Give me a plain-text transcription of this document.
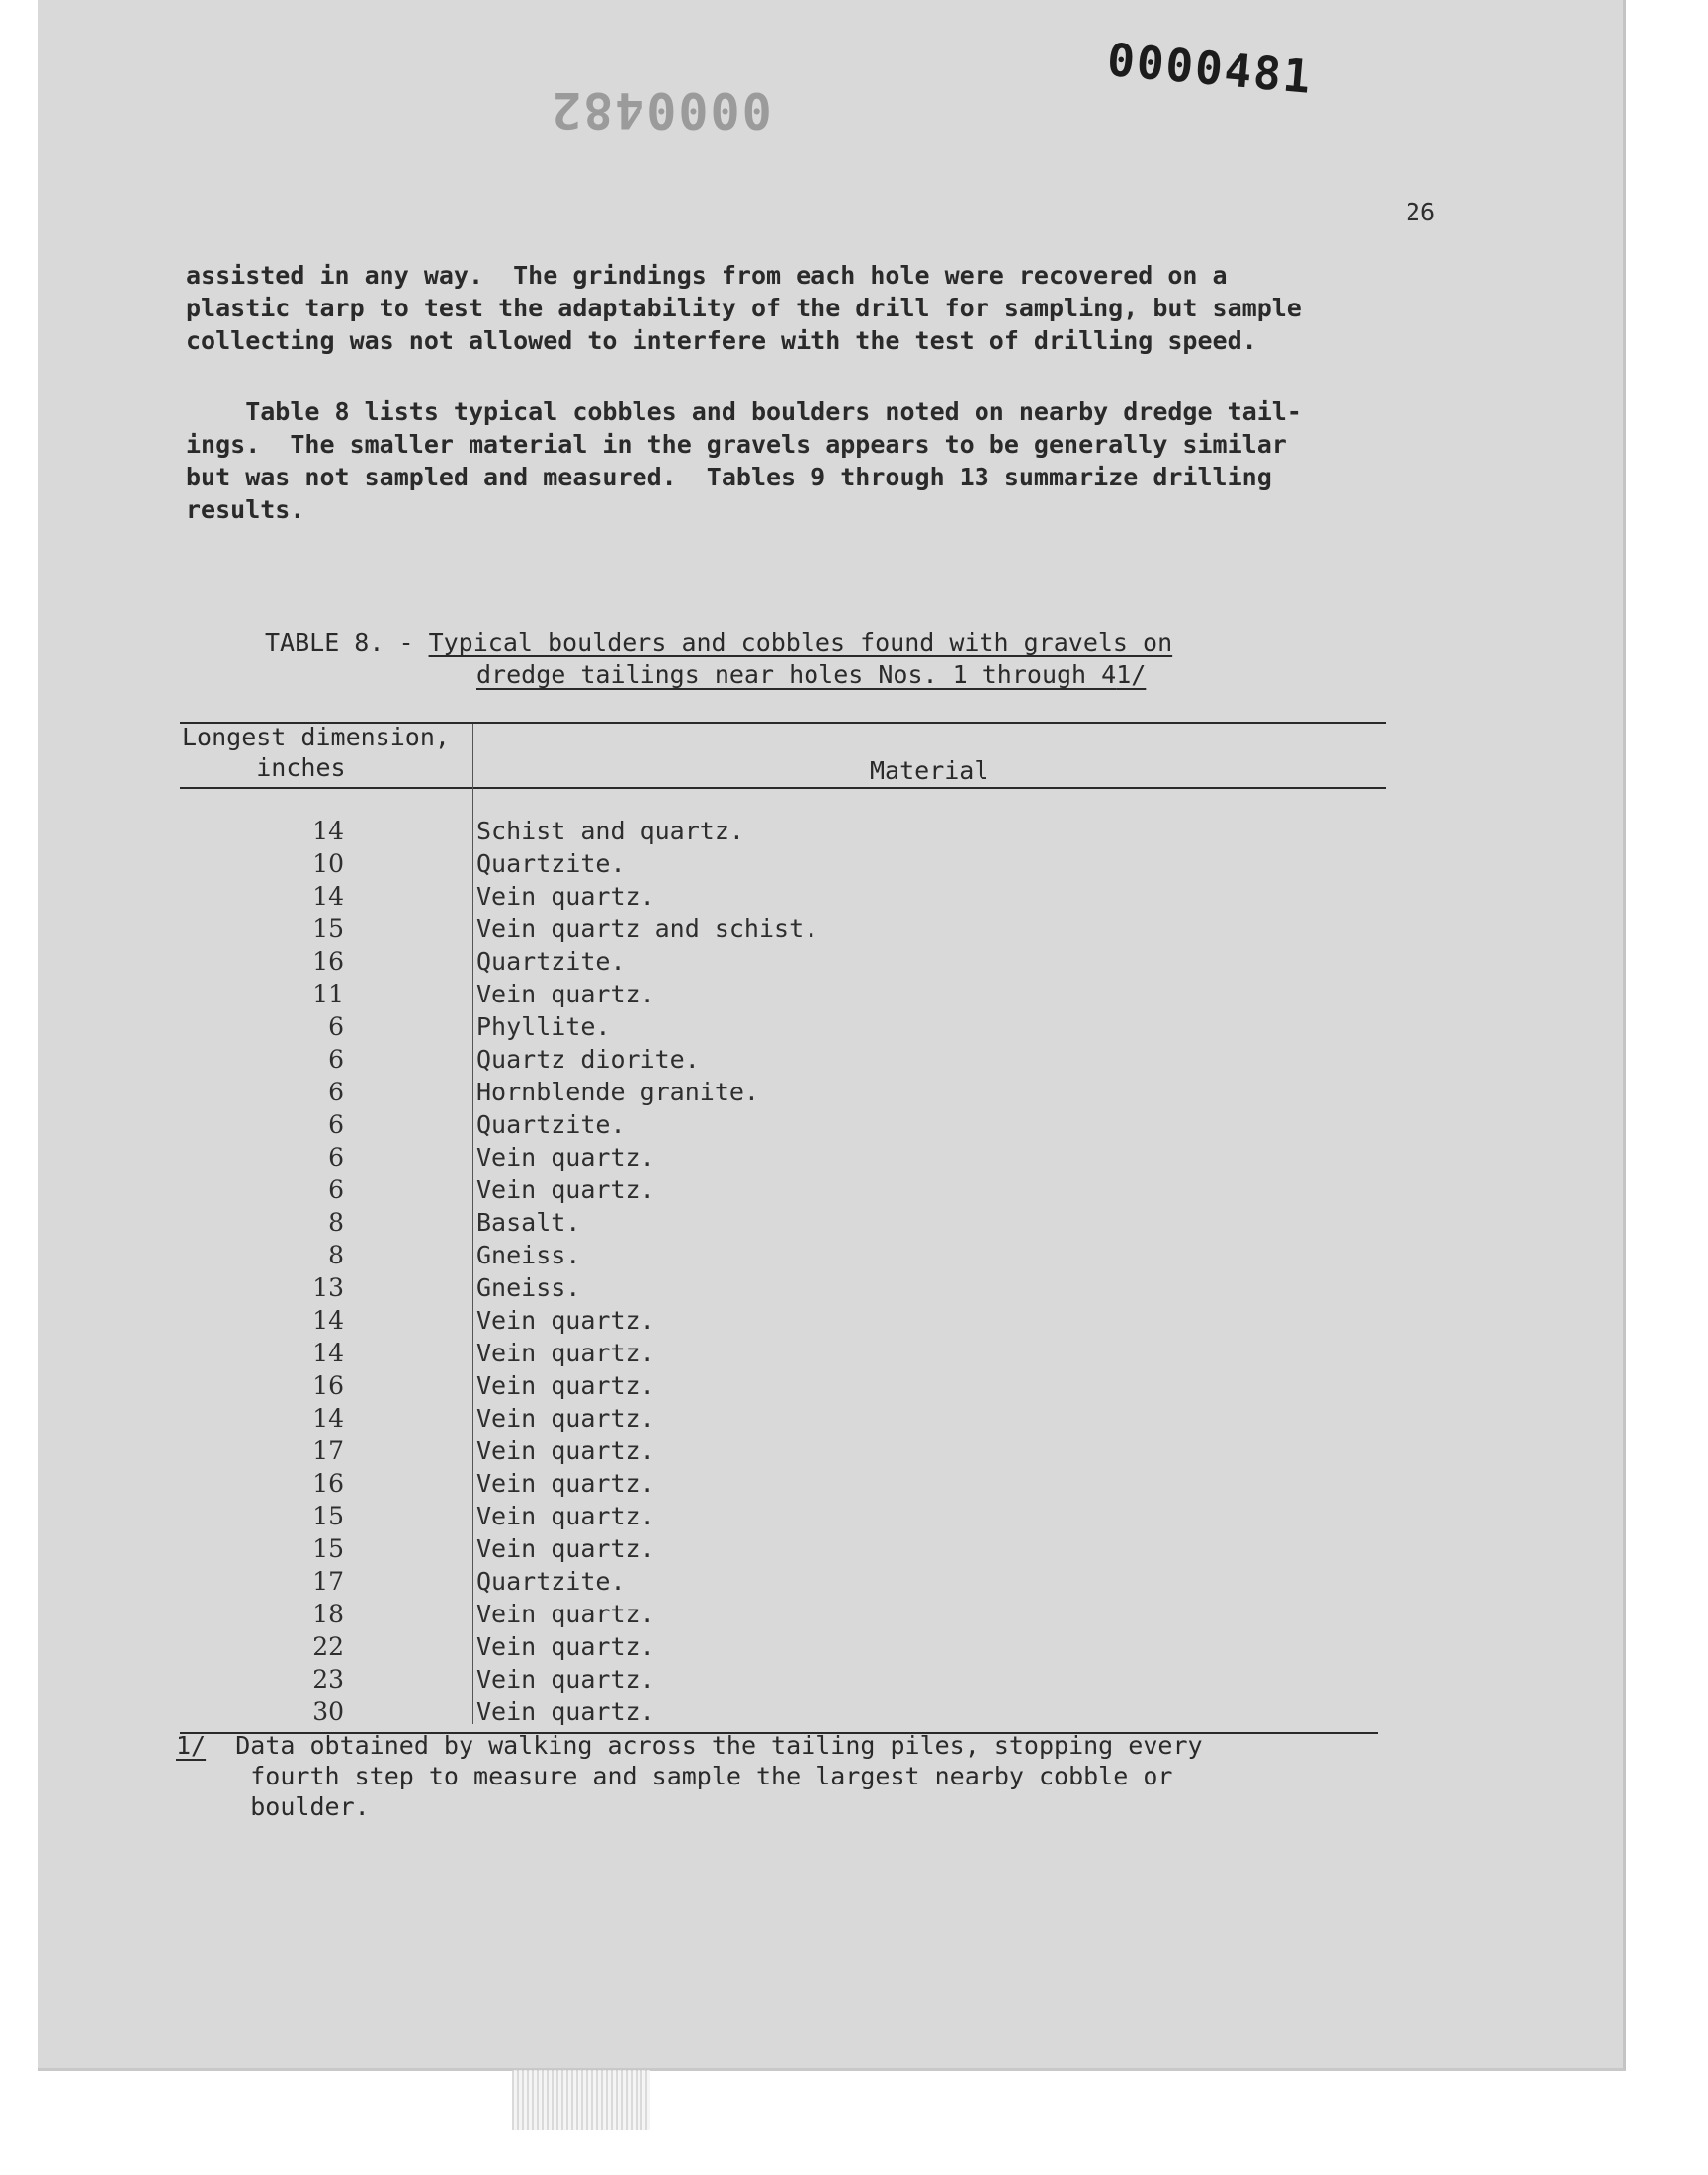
0000482
0000481
26

assisted in any way.  The grindings from each hole were recovered on a
plastic tarp to test the adaptability of the drill for sampling, but sample
collecting was not allowed to interfere with the test of drilling speed.

Table 8 lists typical cobbles and boulders noted on nearby dredge tail-
ings.  The smaller material in the gravels appears to be generally similar
but was not sampled and measured.  Tables 9 through 13 summarize drilling
results.

TABLE 8. - Typical boulders and cobbles found with gravels on
dredge tailings near holes Nos. 1 through 41/
Longest dimension,
inches	Material
14	Schist and quartz.
10	Quartzite.
14	Vein quartz.
15	Vein quartz and schist.
16	Quartzite.
11	Vein quartz.
6	Phyllite.
6	Quartz diorite.
6	Hornblende granite.
6	Quartzite.
6	Vein quartz.
6	Vein quartz.
8	Basalt.
8	Gneiss.
13	Gneiss.
14	Vein quartz.
14	Vein quartz.
16	Vein quartz.
14	Vein quartz.
17	Vein quartz.
16	Vein quartz.
15	Vein quartz.
15	Vein quartz.
17	Quartzite.
18	Vein quartz.
22	Vein quartz.
23	Vein quartz.
30	Vein quartz.
1/  Data obtained by walking across the tailing piles, stopping every
fourth step to measure and sample the largest nearby cobble or
boulder.
